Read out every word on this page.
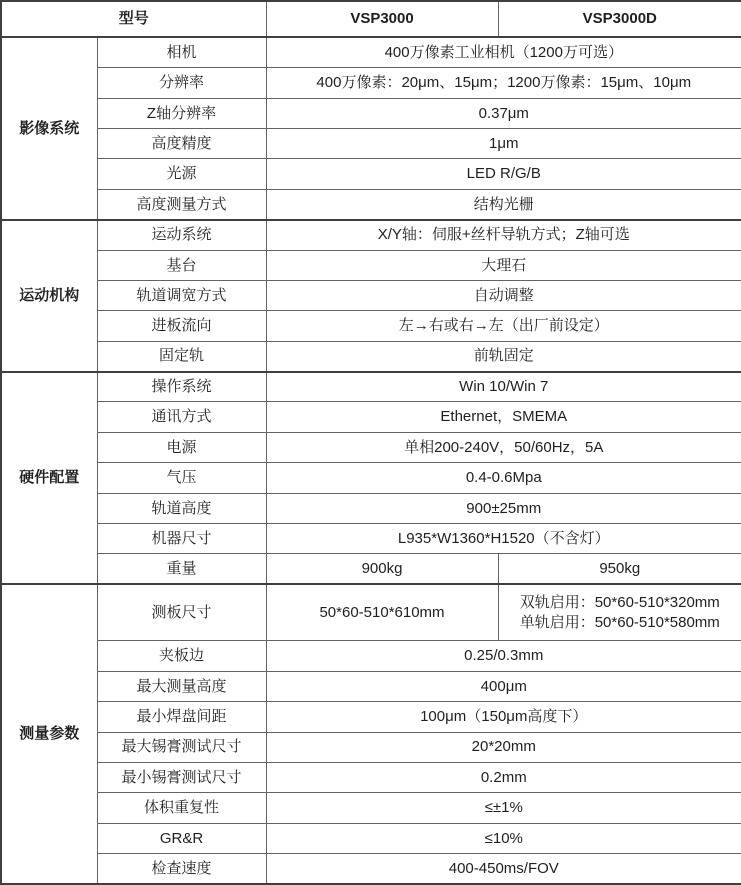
型号		VSP3000	VSP3000D
影像系统	相机	400万像素工业相机（1200万可选）	
	分辨率	400万像素：20μm、15μm；1200万像素：15μm、10μm	
	Z轴分辨率	0.37μm	
	高度精度	1μm	
	光源	LED R/G/B	
	高度测量方式	结构光栅	
运动机构	运动系统	X/Y轴：伺服+丝杆导轨方式；Z轴可选	
	基台	大理石	
	轨道调宽方式	自动调整	
	进板流向	左→右或右→左（出厂前设定）	
	固定轨	前轨固定	
硬件配置	操作系统	Win 10/Win 7	
	通讯方式	Ethernet，SMEMA	
	电源	单相200-240V，50/60Hz，5A	
	气压	0.4-0.6Mpa	
	轨道高度	900±25mm	
	机器尺寸	L935*W1360*H1520（不含灯）	
	重量	900kg	950kg
测量参数	测板尺寸	50*60-510*610mm	双轨启用：50*60-510*320mm
单轨启用：50*60-510*580mm

	夹板边	0.25/0.3mm	
	最大测量高度	400μm	
	最小焊盘间距	100μm（150μm高度下）	
	最大锡膏测试尺寸	20*20mm	
	最小锡膏测试尺寸	0.2mm	
	体积重复性	≤±1%	
	GR&R	≤10%	
	检查速度	400-450ms/FOV	
